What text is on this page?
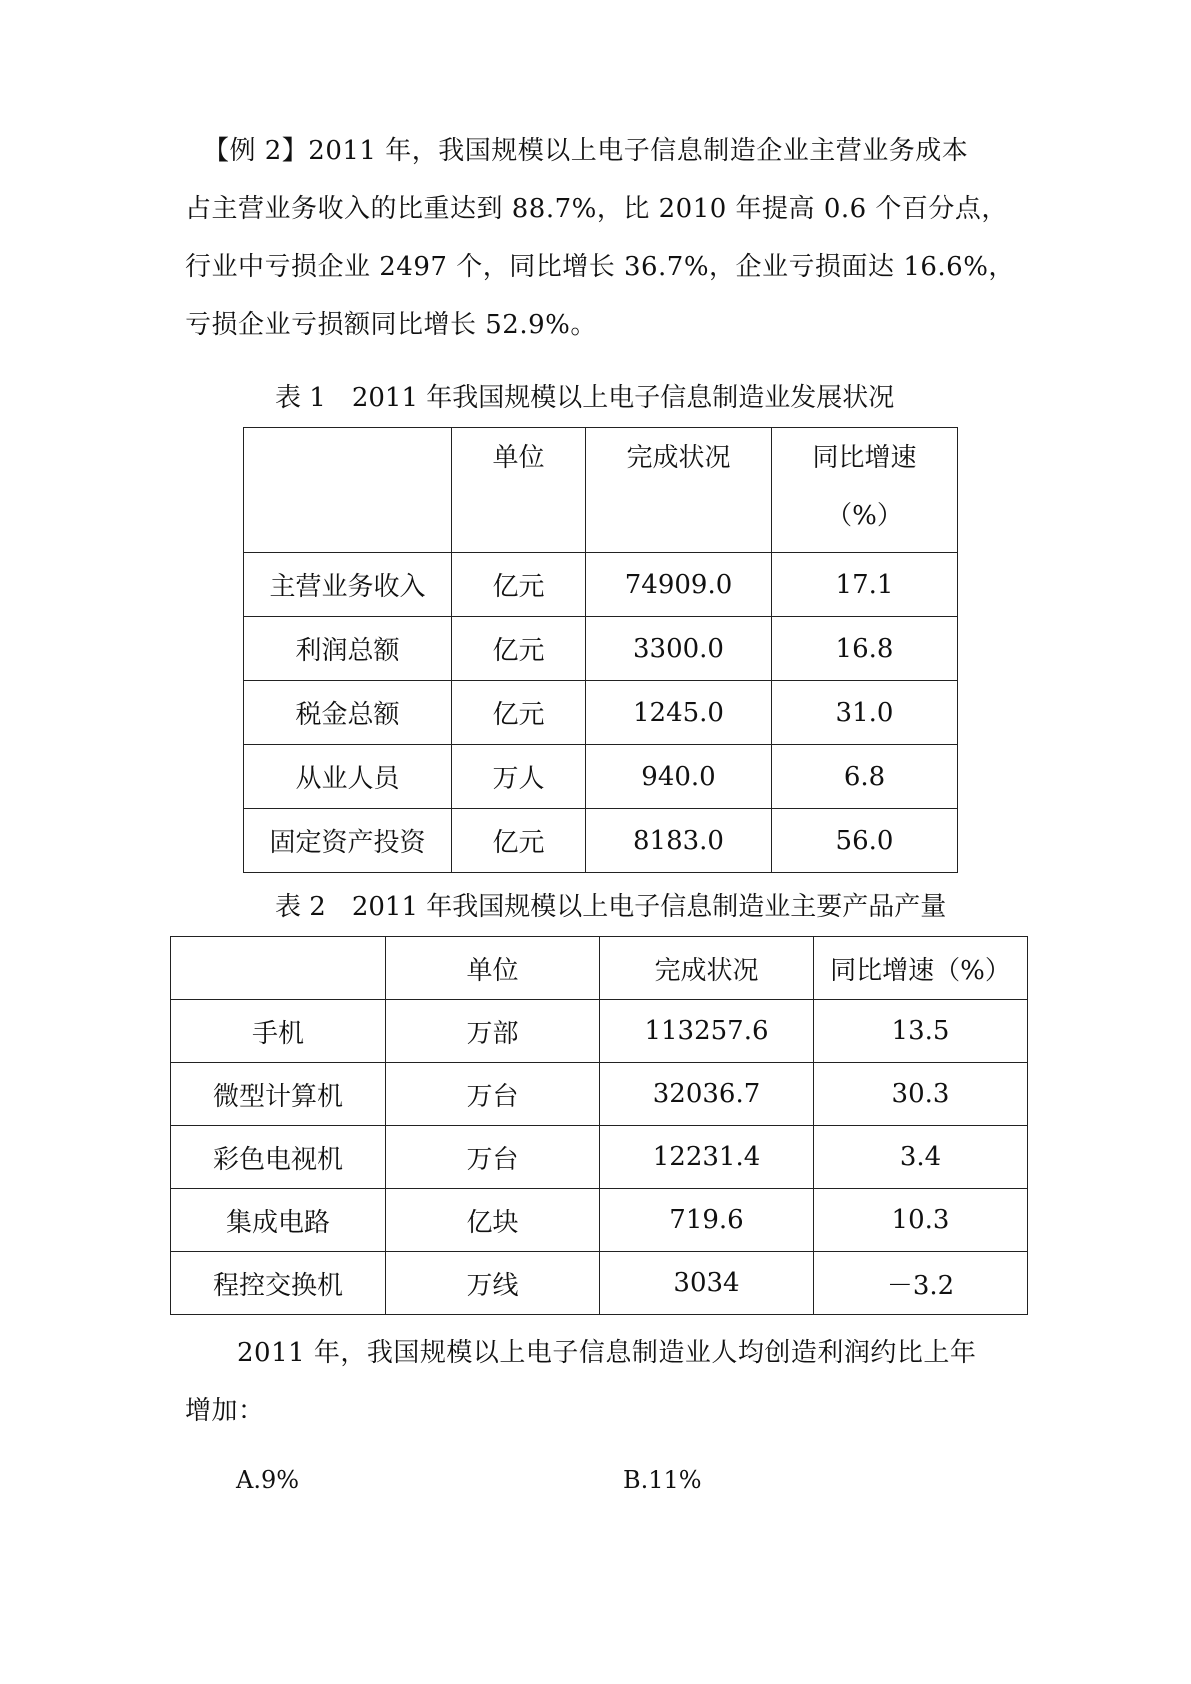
【例 2】2011 年，我国规模以上电子信息制造企业主营业务成本
占主营业务收入的比重达到 88.7%，比 2010 年提高 0.6 个百分点，
行业中亏损企业 2497 个，同比增长 36.7%，企业亏损面达 16.6%，
亏损企业亏损额同比增长 52.9%。

表 1 2011 年我国规模以上电子信息制造业发展状况

	单位	完成状况	同比增速
（%）

主营业务收入	亿元	74909.0	17.1
利润总额	亿元	3300.0	16.8
税金总额	亿元	1245.0	31.0
从业人员	万人	940.0	6.8
固定资产投资	亿元	8183.0	56.0

表 2 2011 年我国规模以上电子信息制造业主要产品产量

	单位	完成状况	同比增速（%）
手机	万部	113257.6	13.5
微型计算机	万台	32036.7	30.3
彩色电视机	万台	12231.4	3.4
集成电路	亿块	719.6	10.3
程控交换机	万线	3034	－3.2
2011 年，我国规模以上电子信息制造业人均创造利润约比上年
增加：

A.9%	B.11%
